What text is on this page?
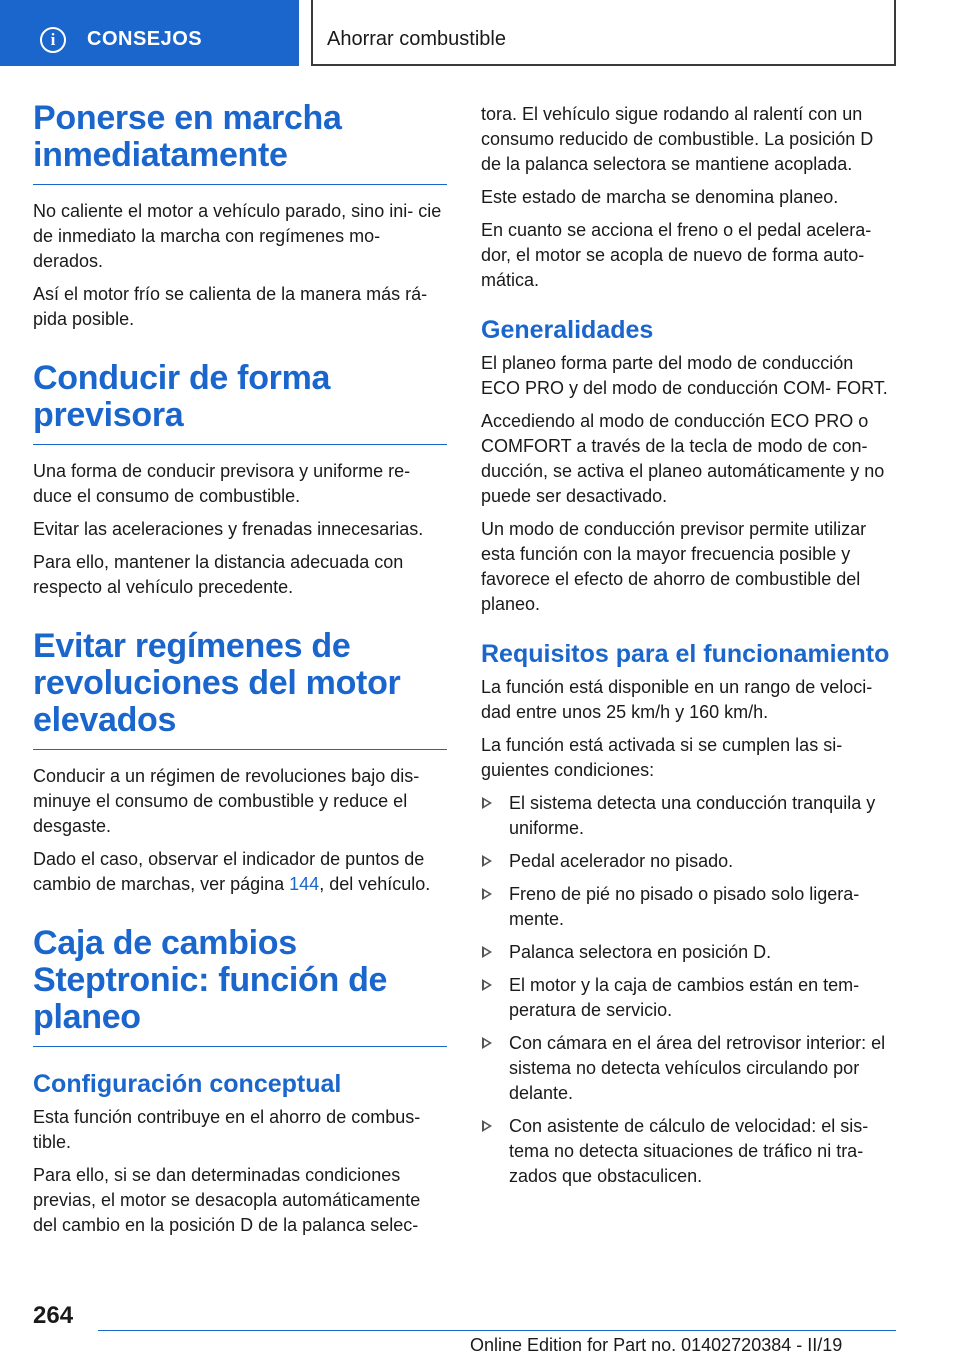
i	CONSEJOS	Ahorrar combustible
Ponerse en marcha inmediatamente

No caliente el motor a vehículo parado, sino ini- cie de inmediato la marcha con regímenes mo- derados.

Así el motor frío se calienta de la manera más rá- pida posible.

Conducir de forma previsora

Una forma de conducir previsora y uniforme re- duce el consumo de combustible.

Evitar las aceleraciones y frenadas innecesarias.

Para ello, mantener la distancia adecuada con respecto al vehículo precedente.

Evitar regímenes de revoluciones del motor elevados

Conducir a un régimen de revoluciones bajo dis- minuye el consumo de combustible y reduce el desgaste.

Dado el caso, observar el indicador de puntos de cambio de marchas, ver página 144, del vehículo.

Caja de cambios Steptronic: función de planeo
Configuración conceptual

Esta función contribuye en el ahorro de combus- tible.

Para ello, si se dan determinadas condiciones previas, el motor se desacopla automáticamente del cambio en la posición D de la palanca selec-

tora. El vehículo sigue rodando al ralentí con un consumo reducido de combustible. La posición D de la palanca selectora se mantiene acoplada.

Este estado de marcha se denomina planeo.

En cuanto se acciona el freno o el pedal acelera- dor, el motor se acopla de nuevo de forma auto- mática.

Generalidades

El planeo forma parte del modo de conducción ECO PRO y del modo de conducción COM- FORT.

Accediendo al modo de conducción ECO PRO o COMFORT a través de la tecla de modo de con- ducción, se activa el planeo automáticamente y no puede ser desactivado.

Un modo de conducción previsor permite utilizar esta función con la mayor frecuencia posible y favorece el efecto de ahorro de combustible del planeo.

Requisitos para el funcionamiento

La función está disponible en un rango de veloci- dad entre unos 25 km/h y 160 km/h.

La función está activada si se cumplen las si- guientes condiciones:

El sistema detecta una conducción tranquila y uniforme.
Pedal acelerador no pisado.
Freno de pié no pisado o pisado solo ligera- mente.
Palanca selectora en posición D.
El motor y la caja de cambios están en tem- peratura de servicio.
Con cámara en el área del retrovisor interior: el sistema no detecta vehículos circulando por delante.
Con asistente de cálculo de velocidad: el sis- tema no detecta situaciones de tráfico ni tra- zados que obstaculicen.
264
Online Edition for Part no. 01402720384 - II/19
